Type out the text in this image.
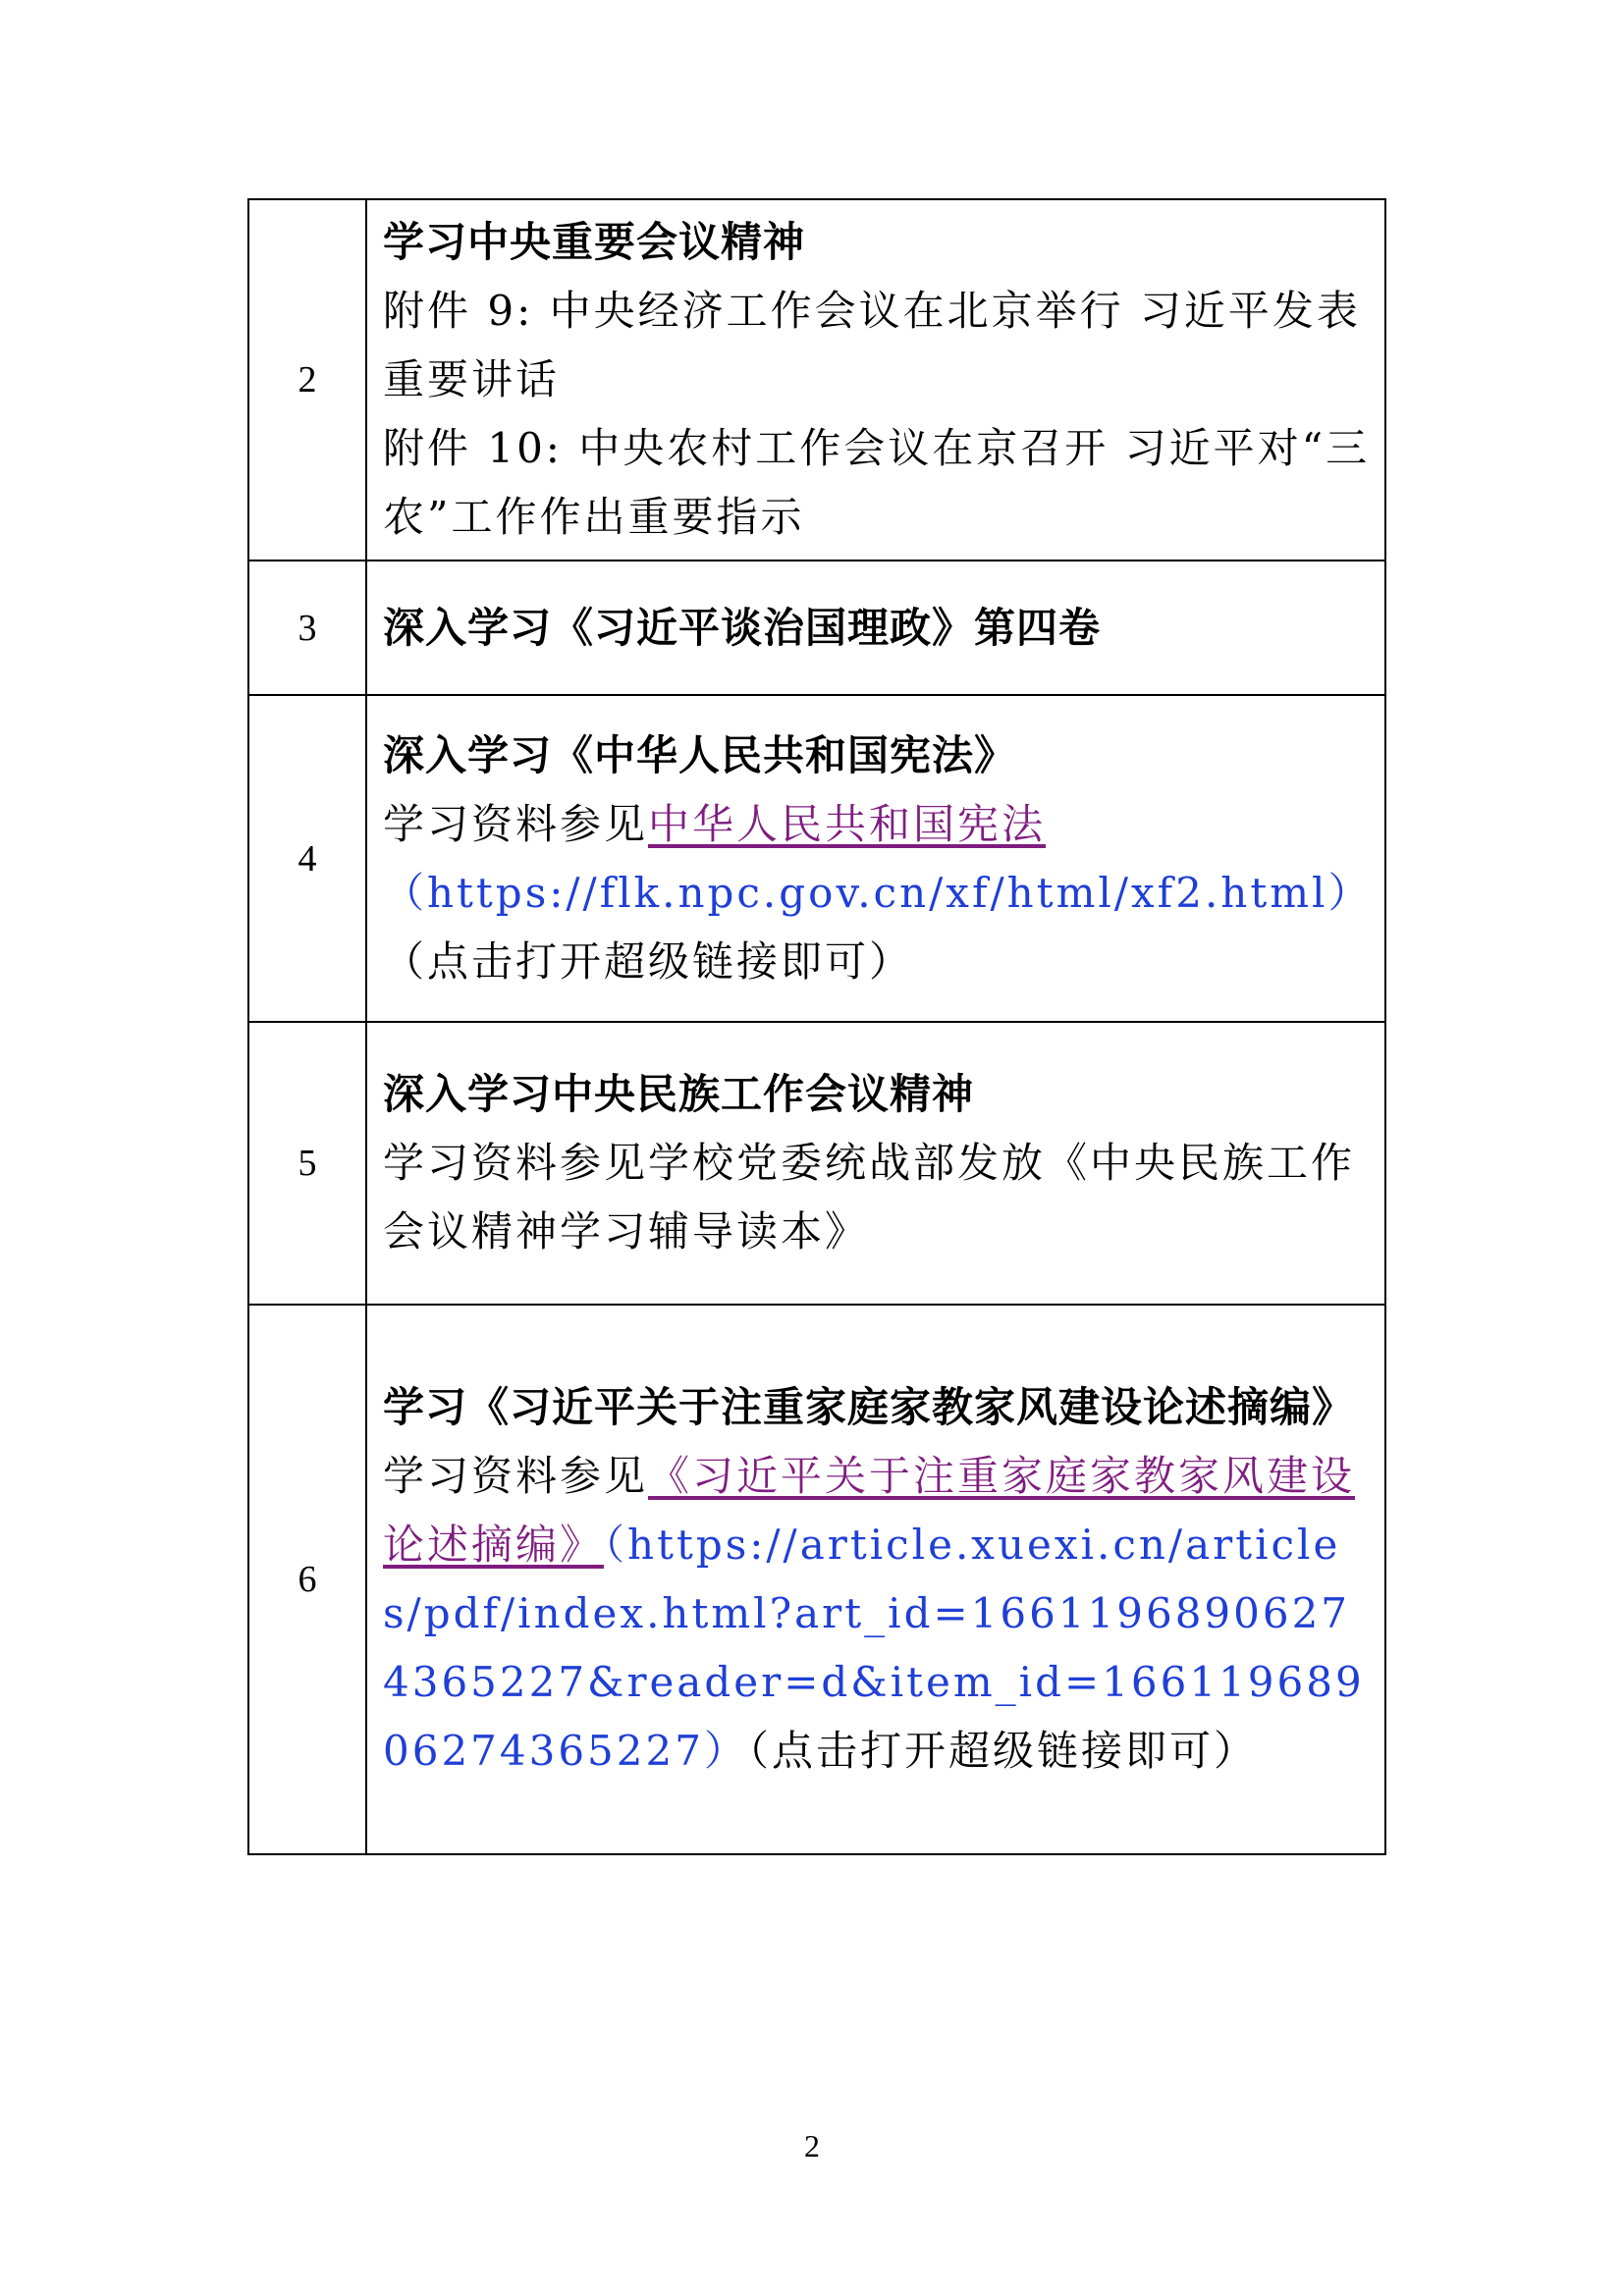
2	学习中央重要会议精神
附件 9: 中央经济工作会议在北京举行 习近平发表重要讲话
附件 10: 中央农村工作会议在京召开 习近平对“三农”工作作出重要指示

3	深入学习《习近平谈治国理政》第四卷

4	深入学习《中华人民共和国宪法》
学习资料参见中华人民共和国宪法
（https://flk.npc.gov.cn/xf/html/xf2.html）
（点击打开超级链接即可）

5	深入学习中央民族工作会议精神
学习资料参见学校党委统战部发放《中央民族工作会议精神学习辅导读本》

6	学习《习近平关于注重家庭家教家风建设论述摘编》
学习资料参见《习近平关于注重家庭家教家风建设论述摘编》（https://article.xuexi.cn/articles/pdf/index.html?art_id=16611968906274365227&reader=d&item_id=16611968906274365227）（点击打开超级链接即可）
2
